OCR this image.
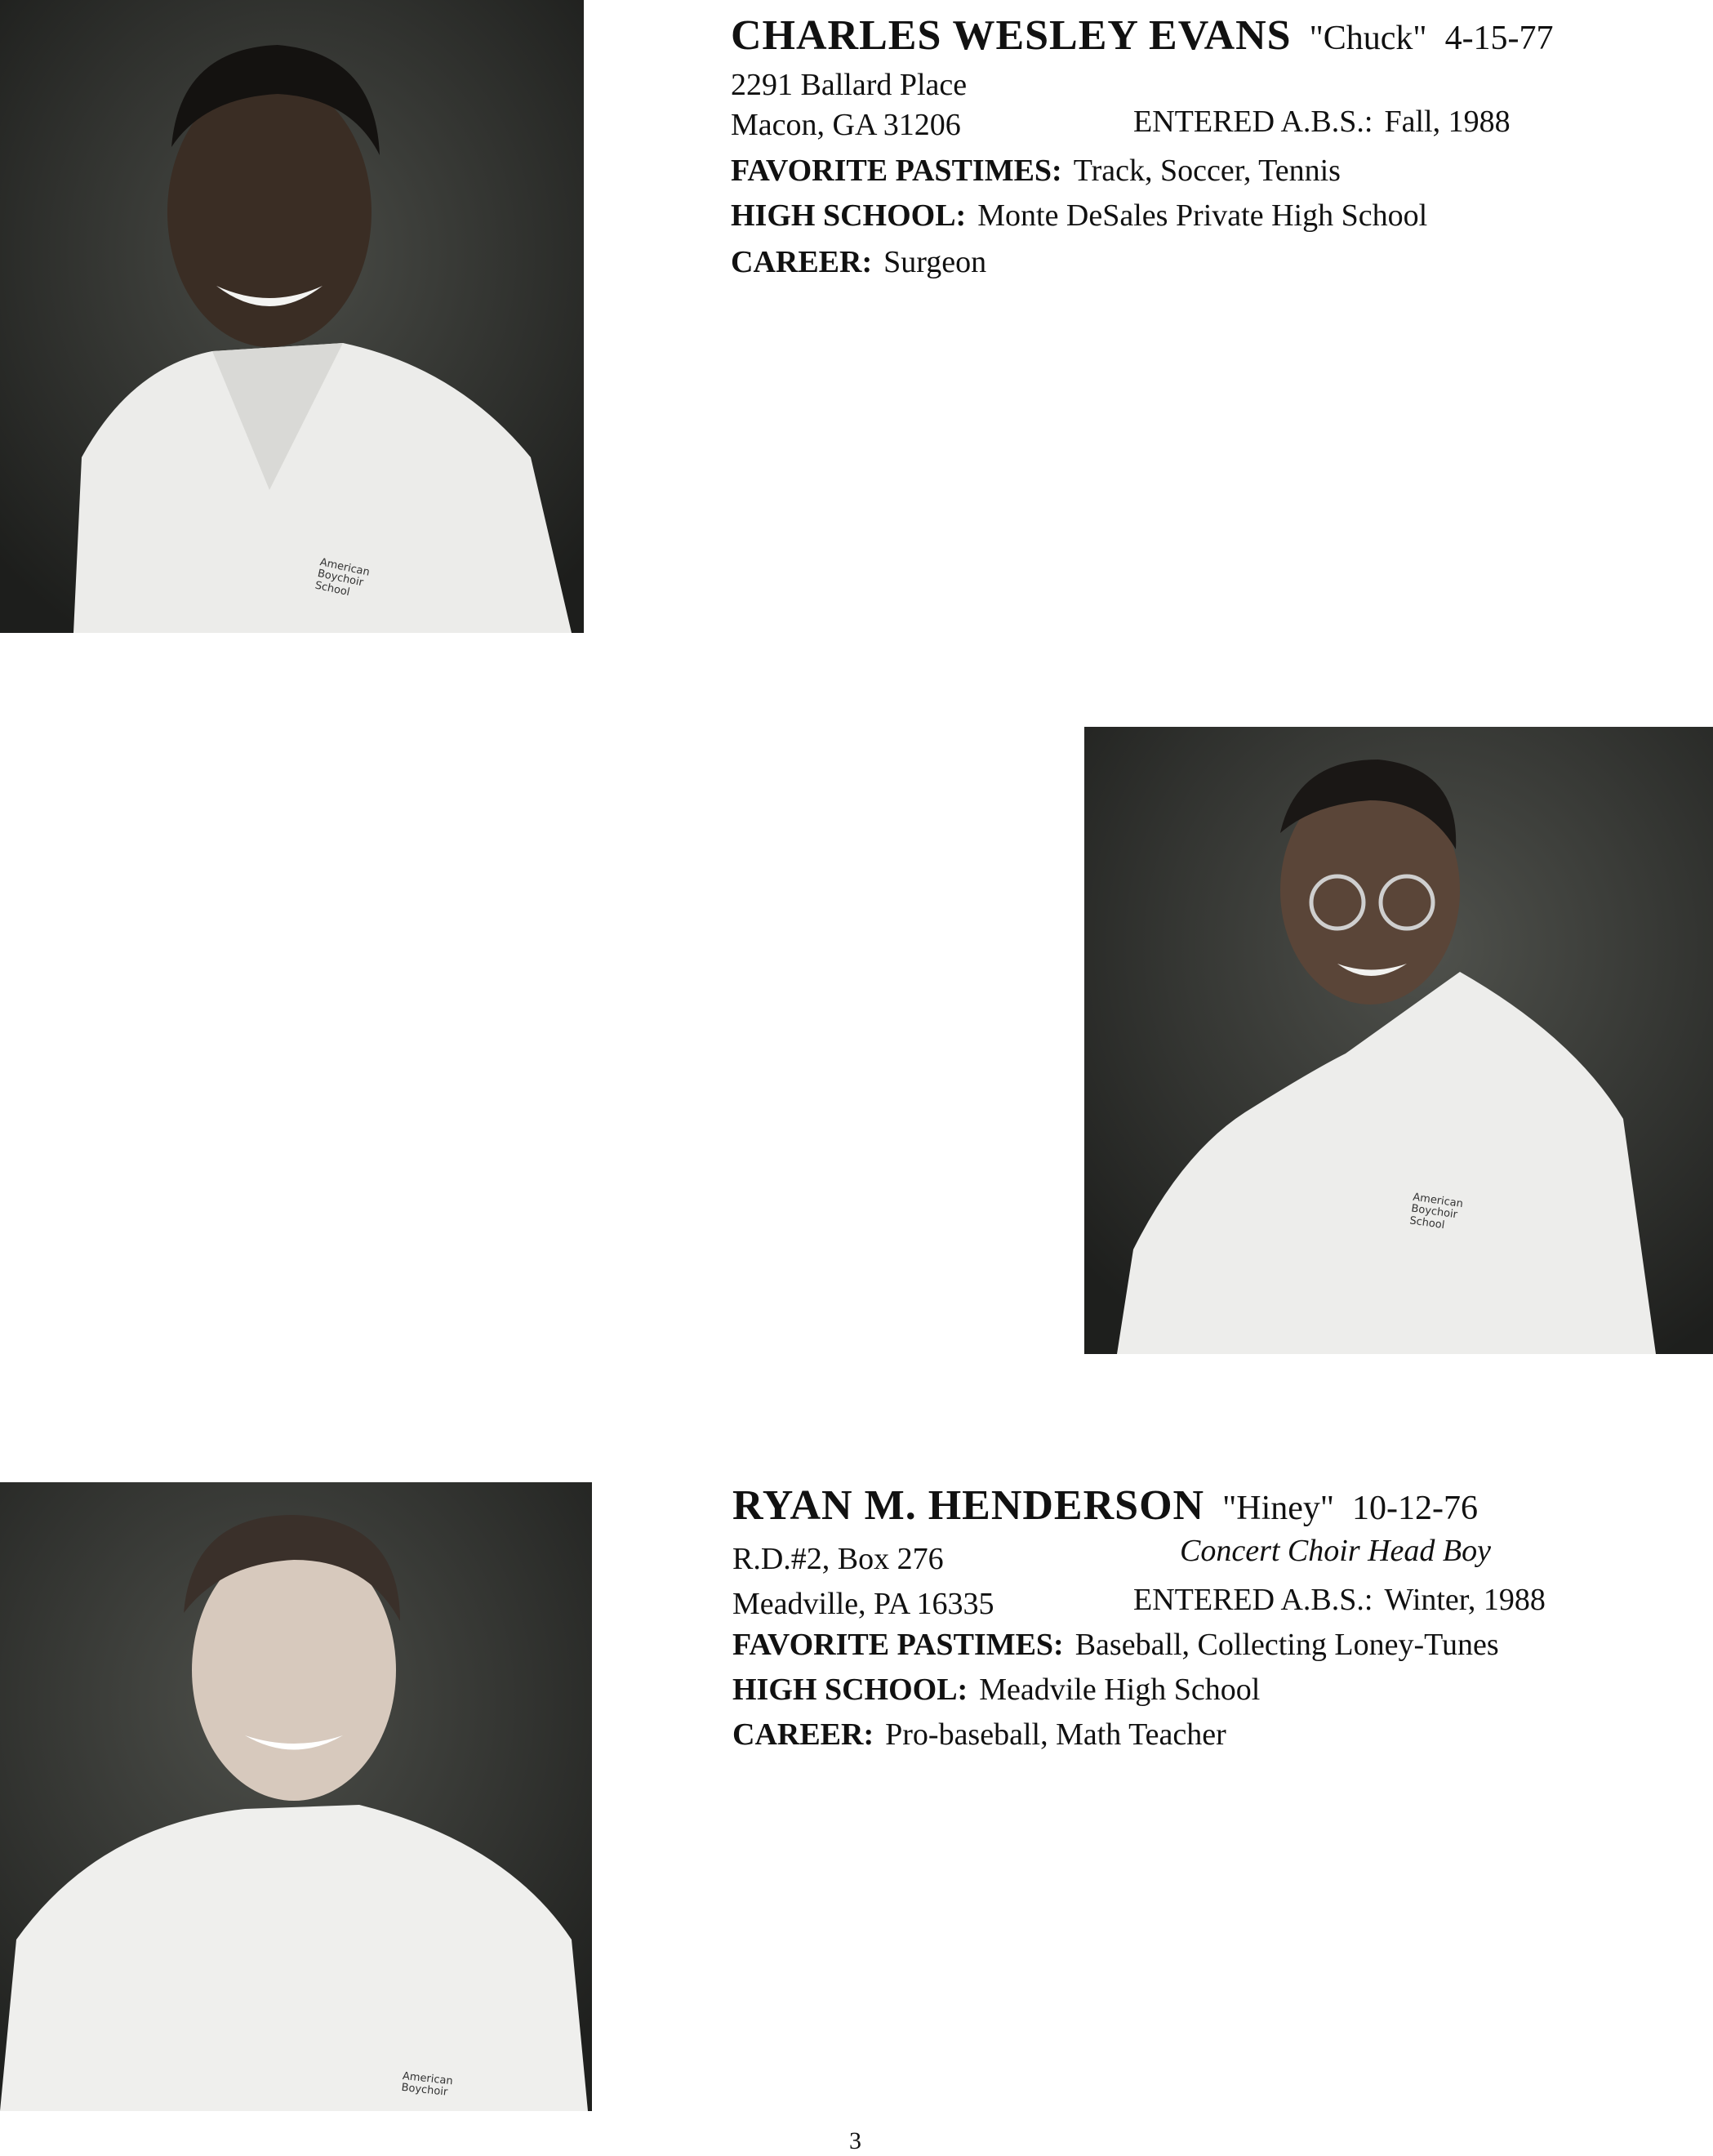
American Boychoir School
CHARLES WESLEY EVANS "Chuck" 4-15-77
2291 Ballard Place
Macon, GA 31206	ENTERED A.B.S.: Fall, 1988
FAVORITE PASTIMES: Track, Soccer, Tennis
HIGH SCHOOL: Monte DeSales Private High School
CAREER: Surgeon
American Boychoir School
American Boychoir
RYAN M. HENDERSON "Hiney" 10-12-76
R.D.#2, Box 276	Concert Choir Head Boy
Meadville, PA 16335	ENTERED A.B.S.: Winter, 1988
FAVORITE PASTIMES: Baseball, Collecting Loney-Tunes
HIGH SCHOOL: Meadvile High School
CAREER: Pro-baseball, Math Teacher
3
